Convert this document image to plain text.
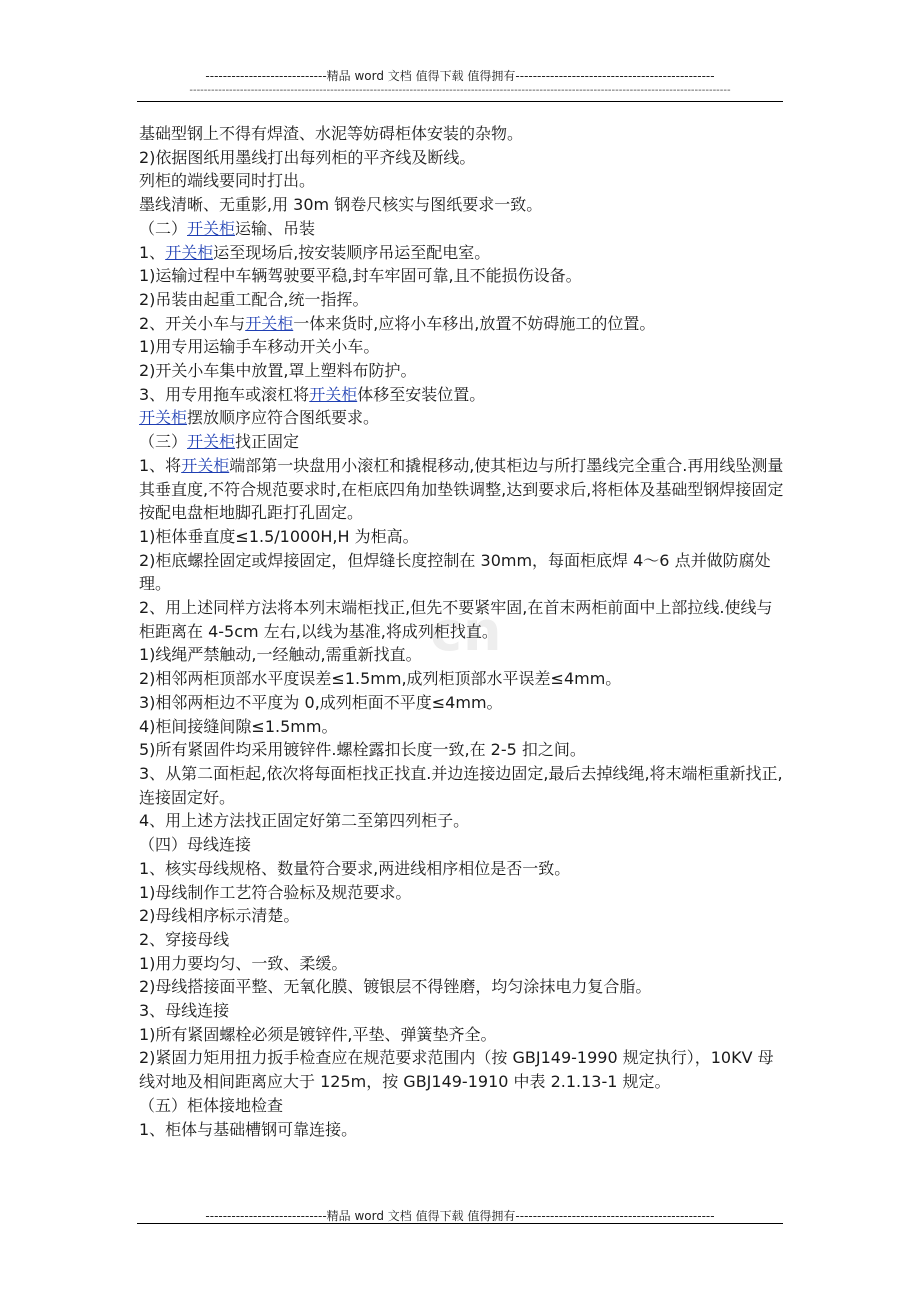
----------------------------精品 word 文档 值得下载 值得拥有----------------------------------------------
------------------------------------------------------------------------------------------------------------------------------------------------------
cn

基础型钢上不得有焊渣、水泥等妨碍柜体安装的杂物。

2)依据图纸用墨线打出每列柜的平齐线及断线。

列柜的端线要同时打出。

墨线清晰、无重影,用 30m 钢卷尺核实与图纸要求一致。

（二）开关柜运输、吊装

1、开关柜运至现场后,按安装顺序吊运至配电室。

1)运输过程中车辆驾驶要平稳,封车牢固可靠,且不能损伤设备。

2)吊装由起重工配合,统一指挥。

2、开关小车与开关柜一体来货时,应将小车移出,放置不妨碍施工的位置。

1)用专用运输手车移动开关小车。

2)开关小车集中放置,罩上塑料布防护。

3、用专用拖车或滚杠将开关柜体移至安装位置。

开关柜摆放顺序应符合图纸要求。

（三）开关柜找正固定

1、将开关柜端部第一块盘用小滚杠和撬棍移动,使其柜边与所打墨线完全重合.再用线坠测量其垂直度,不符合规范要求时,在柜底四角加垫铁调整,达到要求后,将柜体及基础型钢焊接固定按配电盘柜地脚孔距打孔固定。

1)柜体垂直度≤1.5/1000H,H 为柜高。

2)柜底螺拴固定或焊接固定，但焊缝长度控制在 30mm，每面柜底焊 4～6 点并做防腐处理。

2、用上述同样方法将本列末端柜找正,但先不要紧牢固,在首末两柜前面中上部拉线.使线与柜距离在 4-5cm 左右,以线为基准,将成列柜找直。

1)线绳严禁触动,一经触动,需重新找直。

2)相邻两柜顶部水平度误差≤1.5mm,成列柜顶部水平误差≤4mm。

3)相邻两柜边不平度为 0,成列柜面不平度≤4mm。

4)柜间接缝间隙≤1.5mm。

5)所有紧固件均采用镀锌件.螺栓露扣长度一致,在 2-5 扣之间。

3、从第二面柜起,依次将每面柜找正找直.并边连接边固定,最后去掉线绳,将末端柜重新找正,连接固定好。

4、用上述方法找正固定好第二至第四列柜子。

（四）母线连接

1、核实母线规格、数量符合要求,两进线相序相位是否一致。

1)母线制作工艺符合验标及规范要求。

2)母线相序标示清楚。

2、穿接母线

1)用力要均匀、一致、柔缓。

2)母线搭接面平整、无氧化膜、镀银层不得锉磨，均匀涂抹电力复合脂。

3、母线连接

1)所有紧固螺栓必须是镀锌件,平垫、弹簧垫齐全。

2)紧固力矩用扭力扳手检查应在规范要求范围内（按 GBJ149-1990 规定执行），10KV 母线对地及相间距离应大于 125m，按 GBJ149-1910 中表 2.1.13-1 规定。

（五）柜体接地检查

1、柜体与基础槽钢可靠连接。

----------------------------精品 word 文档 值得下载 值得拥有----------------------------------------------
